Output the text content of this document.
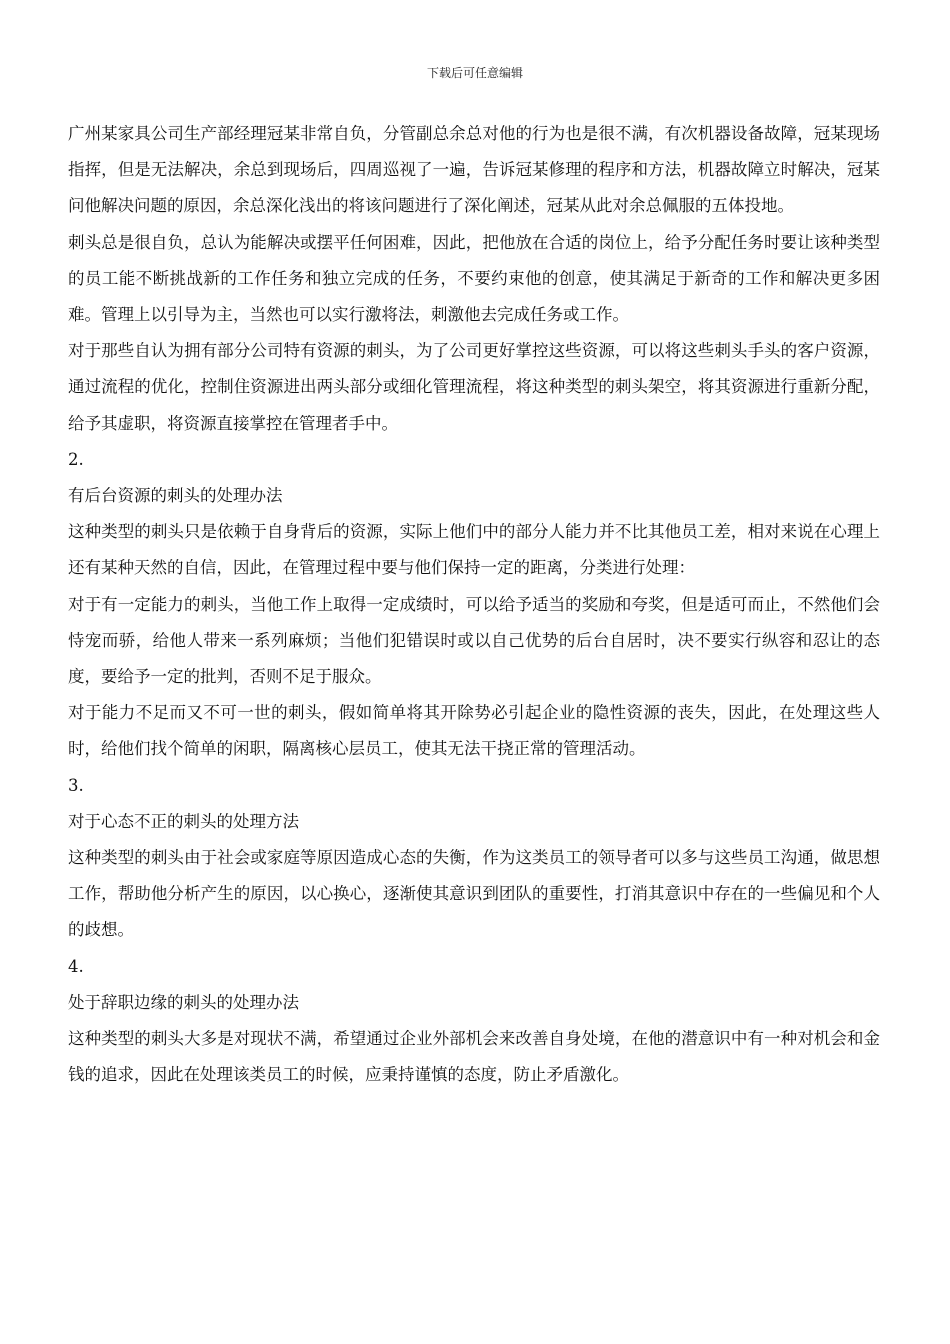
下载后可任意编辑

广州某家具公司生产部经理冠某非常自负，分管副总余总对他的行为也是很不满，有次机器设备故障，冠某现场指挥，但是无法解决，余总到现场后，四周巡视了一遍，告诉冠某修理的程序和方法，机器故障立时解决，冠某问他解决问题的原因，余总深化浅出的将该问题进行了深化阐述，冠某从此对余总佩服的五体投地。

刺头总是很自负，总认为能解决或摆平任何困难，因此，把他放在合适的岗位上，给予分配任务时要让该种类型的员工能不断挑战新的工作任务和独立完成的任务，不要约束他的创意，使其满足于新奇的工作和解决更多困难。管理上以引导为主，当然也可以实行激将法，刺激他去完成任务或工作。

对于那些自认为拥有部分公司特有资源的刺头，为了公司更好掌控这些资源，可以将这些刺头手头的客户资源，通过流程的优化，控制住资源进出两头部分或细化管理流程，将这种类型的刺头架空，将其资源进行重新分配，给予其虚职，将资源直接掌控在管理者手中。

2.

有后台资源的刺头的处理办法

这种类型的刺头只是依赖于自身背后的资源，实际上他们中的部分人能力并不比其他员工差，相对来说在心理上还有某种天然的自信，因此，在管理过程中要与他们保持一定的距离，分类进行处理：

对于有一定能力的刺头，当他工作上取得一定成绩时，可以给予适当的奖励和夸奖，但是适可而止，不然他们会恃宠而骄，给他人带来一系列麻烦；当他们犯错误时或以自己优势的后台自居时，决不要实行纵容和忍让的态度，要给予一定的批判，否则不足于服众。

对于能力不足而又不可一世的刺头，假如简单将其开除势必引起企业的隐性资源的丧失，因此，在处理这些人时，给他们找个简单的闲职，隔离核心层员工，使其无法干挠正常的管理活动。

3.

对于心态不正的刺头的处理方法

这种类型的刺头由于社会或家庭等原因造成心态的失衡，作为这类员工的领导者可以多与这些员工沟通，做思想工作，帮助他分析产生的原因，以心换心，逐渐使其意识到团队的重要性，打消其意识中存在的一些偏见和个人的歧想。

4.

处于辞职边缘的刺头的处理办法

这种类型的刺头大多是对现状不满，希望通过企业外部机会来改善自身处境，在他的潜意识中有一种对机会和金钱的追求，因此在处理该类员工的时候，应秉持谨慎的态度，防止矛盾激化。
